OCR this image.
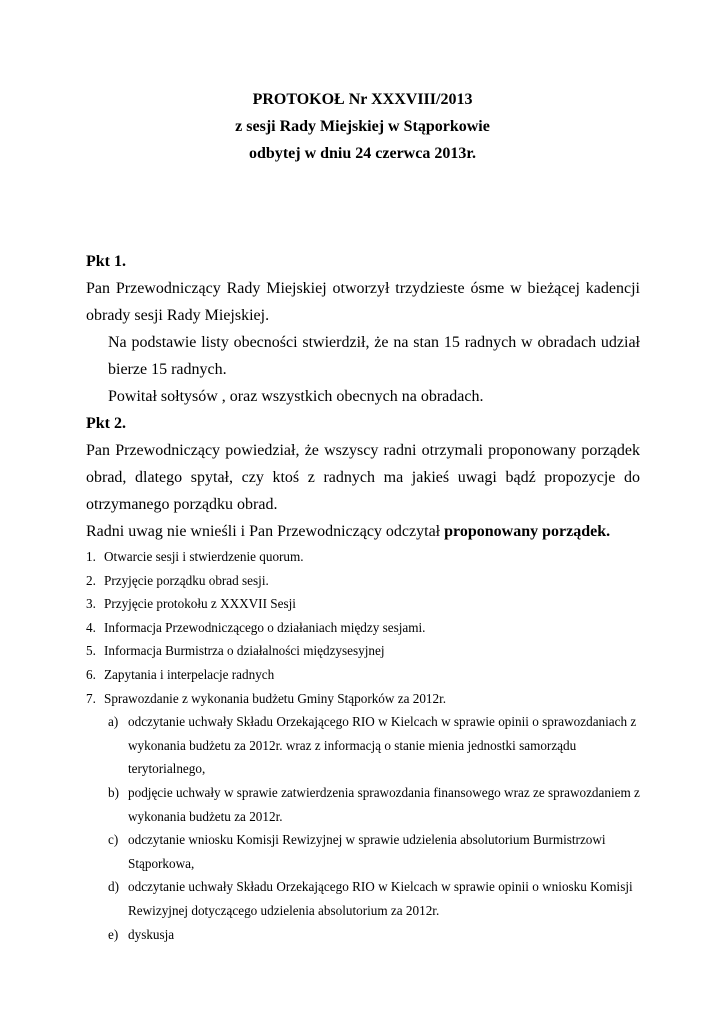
PROTOKOŁ Nr XXXVIII/2013
z sesji Rady Miejskiej w Stąporkowie
odbytej w dniu 24 czerwca 2013r.

Pkt 1.

Pan Przewodniczący Rady Miejskiej otworzył trzydzieste ósme w bieżącej kadencji obrady sesji Rady Miejskiej.

Na podstawie listy obecności stwierdził, że na stan 15 radnych w obradach udział bierze 15 radnych.

Powitał sołtysów , oraz wszystkich obecnych na obradach.

Pkt 2.

Pan Przewodniczący powiedział, że wszyscy radni otrzymali proponowany porządek obrad, dlatego spytał, czy ktoś z radnych ma jakieś uwagi bądź propozycje do otrzymanego porządku obrad.

Radni uwag nie wnieśli i Pan Przewodniczący odczytał proponowany porządek.

1. Otwarcie sesji i stwierdzenie quorum.
2. Przyjęcie porządku obrad sesji.
3. Przyjęcie protokołu z XXXVII Sesji
4. Informacja Przewodniczącego o działaniach między sesjami.
5. Informacja Burmistrza o działalności międzysesyjnej
6. Zapytania i interpelacje radnych
7. Sprawozdanie z wykonania budżetu Gminy Stąporków za 2012r.
a) odczytanie uchwały Składu Orzekającego RIO w Kielcach w sprawie opinii o sprawozdaniach z wykonania budżetu za 2012r. wraz z informacją o stanie mienia jednostki samorządu terytorialnego,
b) podjęcie uchwały w sprawie zatwierdzenia sprawozdania finansowego wraz ze sprawozdaniem z wykonania budżetu za 2012r.
c) odczytanie wniosku Komisji Rewizyjnej w sprawie udzielenia absolutorium Burmistrzowi Stąporkowa,
d) odczytanie uchwały Składu Orzekającego RIO w Kielcach w sprawie opinii o wniosku Komisji Rewizyjnej dotyczącego udzielenia absolutorium za 2012r.
e) dyskusja
